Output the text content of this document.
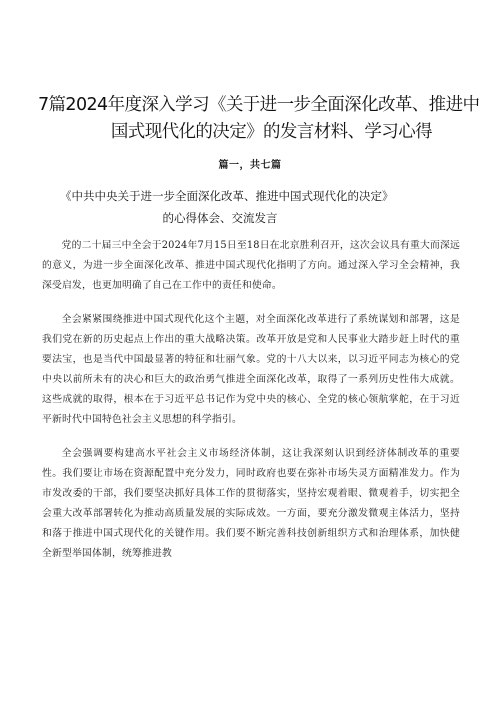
7篇2024年度深入学习《关于进一步全面深化改革、推进中
国式现代化的决定》的发言材料、学习心得
篇一，共七篇
《中共中央关于进一步全面深化改革、推进中国式现代化的决定》
的心得体会、交流发言

党的二十届三中全会于2024年7月15日至18日在北京胜利召开，这次会议具有重大而深远的意义，为进一步全面深化改革、推进中国式现代化指明了方向。通过深入学习全会精神，我深受启发，也更加明确了自己在工作中的责任和使命。

全会紧紧围绕推进中国式现代化这个主题，对全面深化改革进行了系统谋划和部署，这是我们党在新的历史起点上作出的重大战略决策。改革开放是党和人民事业大踏步赶上时代的重要法宝，也是当代中国最显著的特征和壮丽气象。党的十八大以来，以习近平同志为核心的党中央以前所未有的决心和巨大的政治勇气推进全面深化改革，取得了一系列历史性伟大成就。这些成就的取得，根本在于习近平总书记作为党中央的核心、全党的核心领航掌舵，在于习近平新时代中国特色社会主义思想的科学指引。

全会强调要构建高水平社会主义市场经济体制，这让我深刻认识到经济体制改革的重要性。我们要让市场在资源配置中充分发力，同时政府也要在弥补市场失灵方面精准发力。作为市发改委的干部，我们要坚决抓好具体工作的贯彻落实，坚持宏观着眼、微观着手，切实把全会重大改革部署转化为推动高质量发展的实际成效。一方面，要充分激发微观主体活力，坚持和落于推进中国式现代化的关键作用。我们要不断完善科技创新组织方式和治理体系，加快健全新型举国体制，统筹推进教
